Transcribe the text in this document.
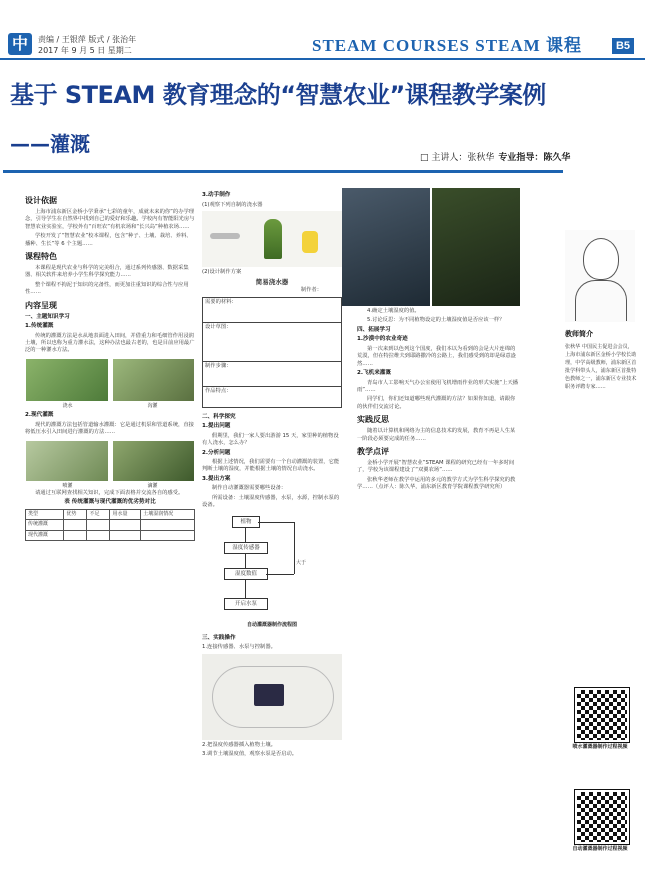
中	责编 / 王银萍 版式 / 张治年
2017 年 9 月 5 日 星期二	STEAM COURSES STEAM 课程	B5
基于 STEAM 教育理念的“智慧农业”课程教学案例
——灌溉
□ 主讲人：张秋华 专业指导：陈久华
设计依据

上海市浦东新区金桥小学秉承“七彩的童年，成就未来的你”的办学理念，引导学生在自然界中找到自己的爱好和乐趣。学校内有智能阳光房与智慧农业实验室，学校外有“百旺农”有机农场和“长兴岛”种植农场……

学校开发了“智慧农业”校本课程，包含“种子、土壤、栽培、养料、播种、生长”等 6 个主题……

课程特色

本课程是现代农业与科学的完美组合，通过系列传感器、数据采集器、相关软件来培养小学生科学探究能力……

整个课程不拘泥于知识的完备性，而更加注重知识的综合性与应用性……

内容呈现
一、主题知识学习
1.传统灌溉

传统的灌溉方法是水从地表面进入田间，并借重力和毛细管作用浸润土壤，所以也称为重力灌水法，这种办法也最古老的，也是目前应用最广泛的一种灌水方法。

浇水	沟灌
2.现代灌溉

现代的灌溉方法包括管道输水灌溉：它是通过机泵和管道系统，直接将低压水引入田间进行灌溉的方法……

喷灌	滴灌

请通过互联网查找相关知识，完成下面表格并交流各自的感受。

表 传统灌溉与现代灌溉的优劣势对比
类型	优势	不足	用水量	土壤湿润情况
传统灌溉				
现代灌溉				
3.动手制作

(1)观察下列自制的浇水器

(2)设计制作方案

简易浇水器
制作者：
需要的材料：
设计草图：
制作步骤：
作品特点：
二、科学探究
1.提出问题

假期里，我们一家人要出游游 15 天，家里种的植物没有人浇水，怎么办？

2.分析问题

根据上述情况，我们需要有一个自动灌溉的装置，它能判断土壤的湿度，并能根据土壤的情况自动浇水。

3.提出方案

制作自动灌溉器需要哪些设备：

所需设备：土壤湿度传感器，水泵，水源，控制水泵的设备。

植物
湿度传感器
湿度数值
开启水泵
大于
自动灌溉器制作流程图
三、实践操作

1.连接传感器、水泵与控制器。

2.把湿度传感器插入植物土壤。

3.调节土壤湿度值，观察水泵是否启动。

4.确定土壤湿度的值。

5.讨论反思：为不同植物设定的土壤湿度值是否应该一样？

四、拓展学习
1.沙漠中的农业奇迹

第一次来到以色列这个国度，我们本以为看到的会是大片连绵的荒漠，但在特拉维夫到耶路撒冷的公路上，我们感受到的却是绿意盎然……

2.飞机来灌溉

青岛市人工影响天气办公室使用飞机增雨作业的形式实施“上天播雨”……

同学们，你们还知道哪些现代灌溉的方法？如果你知道，请跟你的伙伴们交流讨论。

实践反思

随着以计算机和网络为主的信息技术的发展，教育不再是人生某一阶段必须要完成的任务……

教学点评

金桥小学开展“智慧农业”STEAM 课程的研究已经有一年多时间了，学校为该课程建设了“双翼农场”……

张秋华老师在教学中运用的多元的教学方式为学生科学探究的教学……（点评人：陈久华，浦东新区教育学院课程教学研究所）

教师简介
张秋华 中国民主促进会会员，上海市浦东新区金桥小学校长助理，中学高级教师，浦东新区首批学科带头人，浦东新区首批特色教师之一，浦东新区专业技术职务评聘专家……
喷水灌溉器制作过程视频
自动灌溉器制作过程视频
